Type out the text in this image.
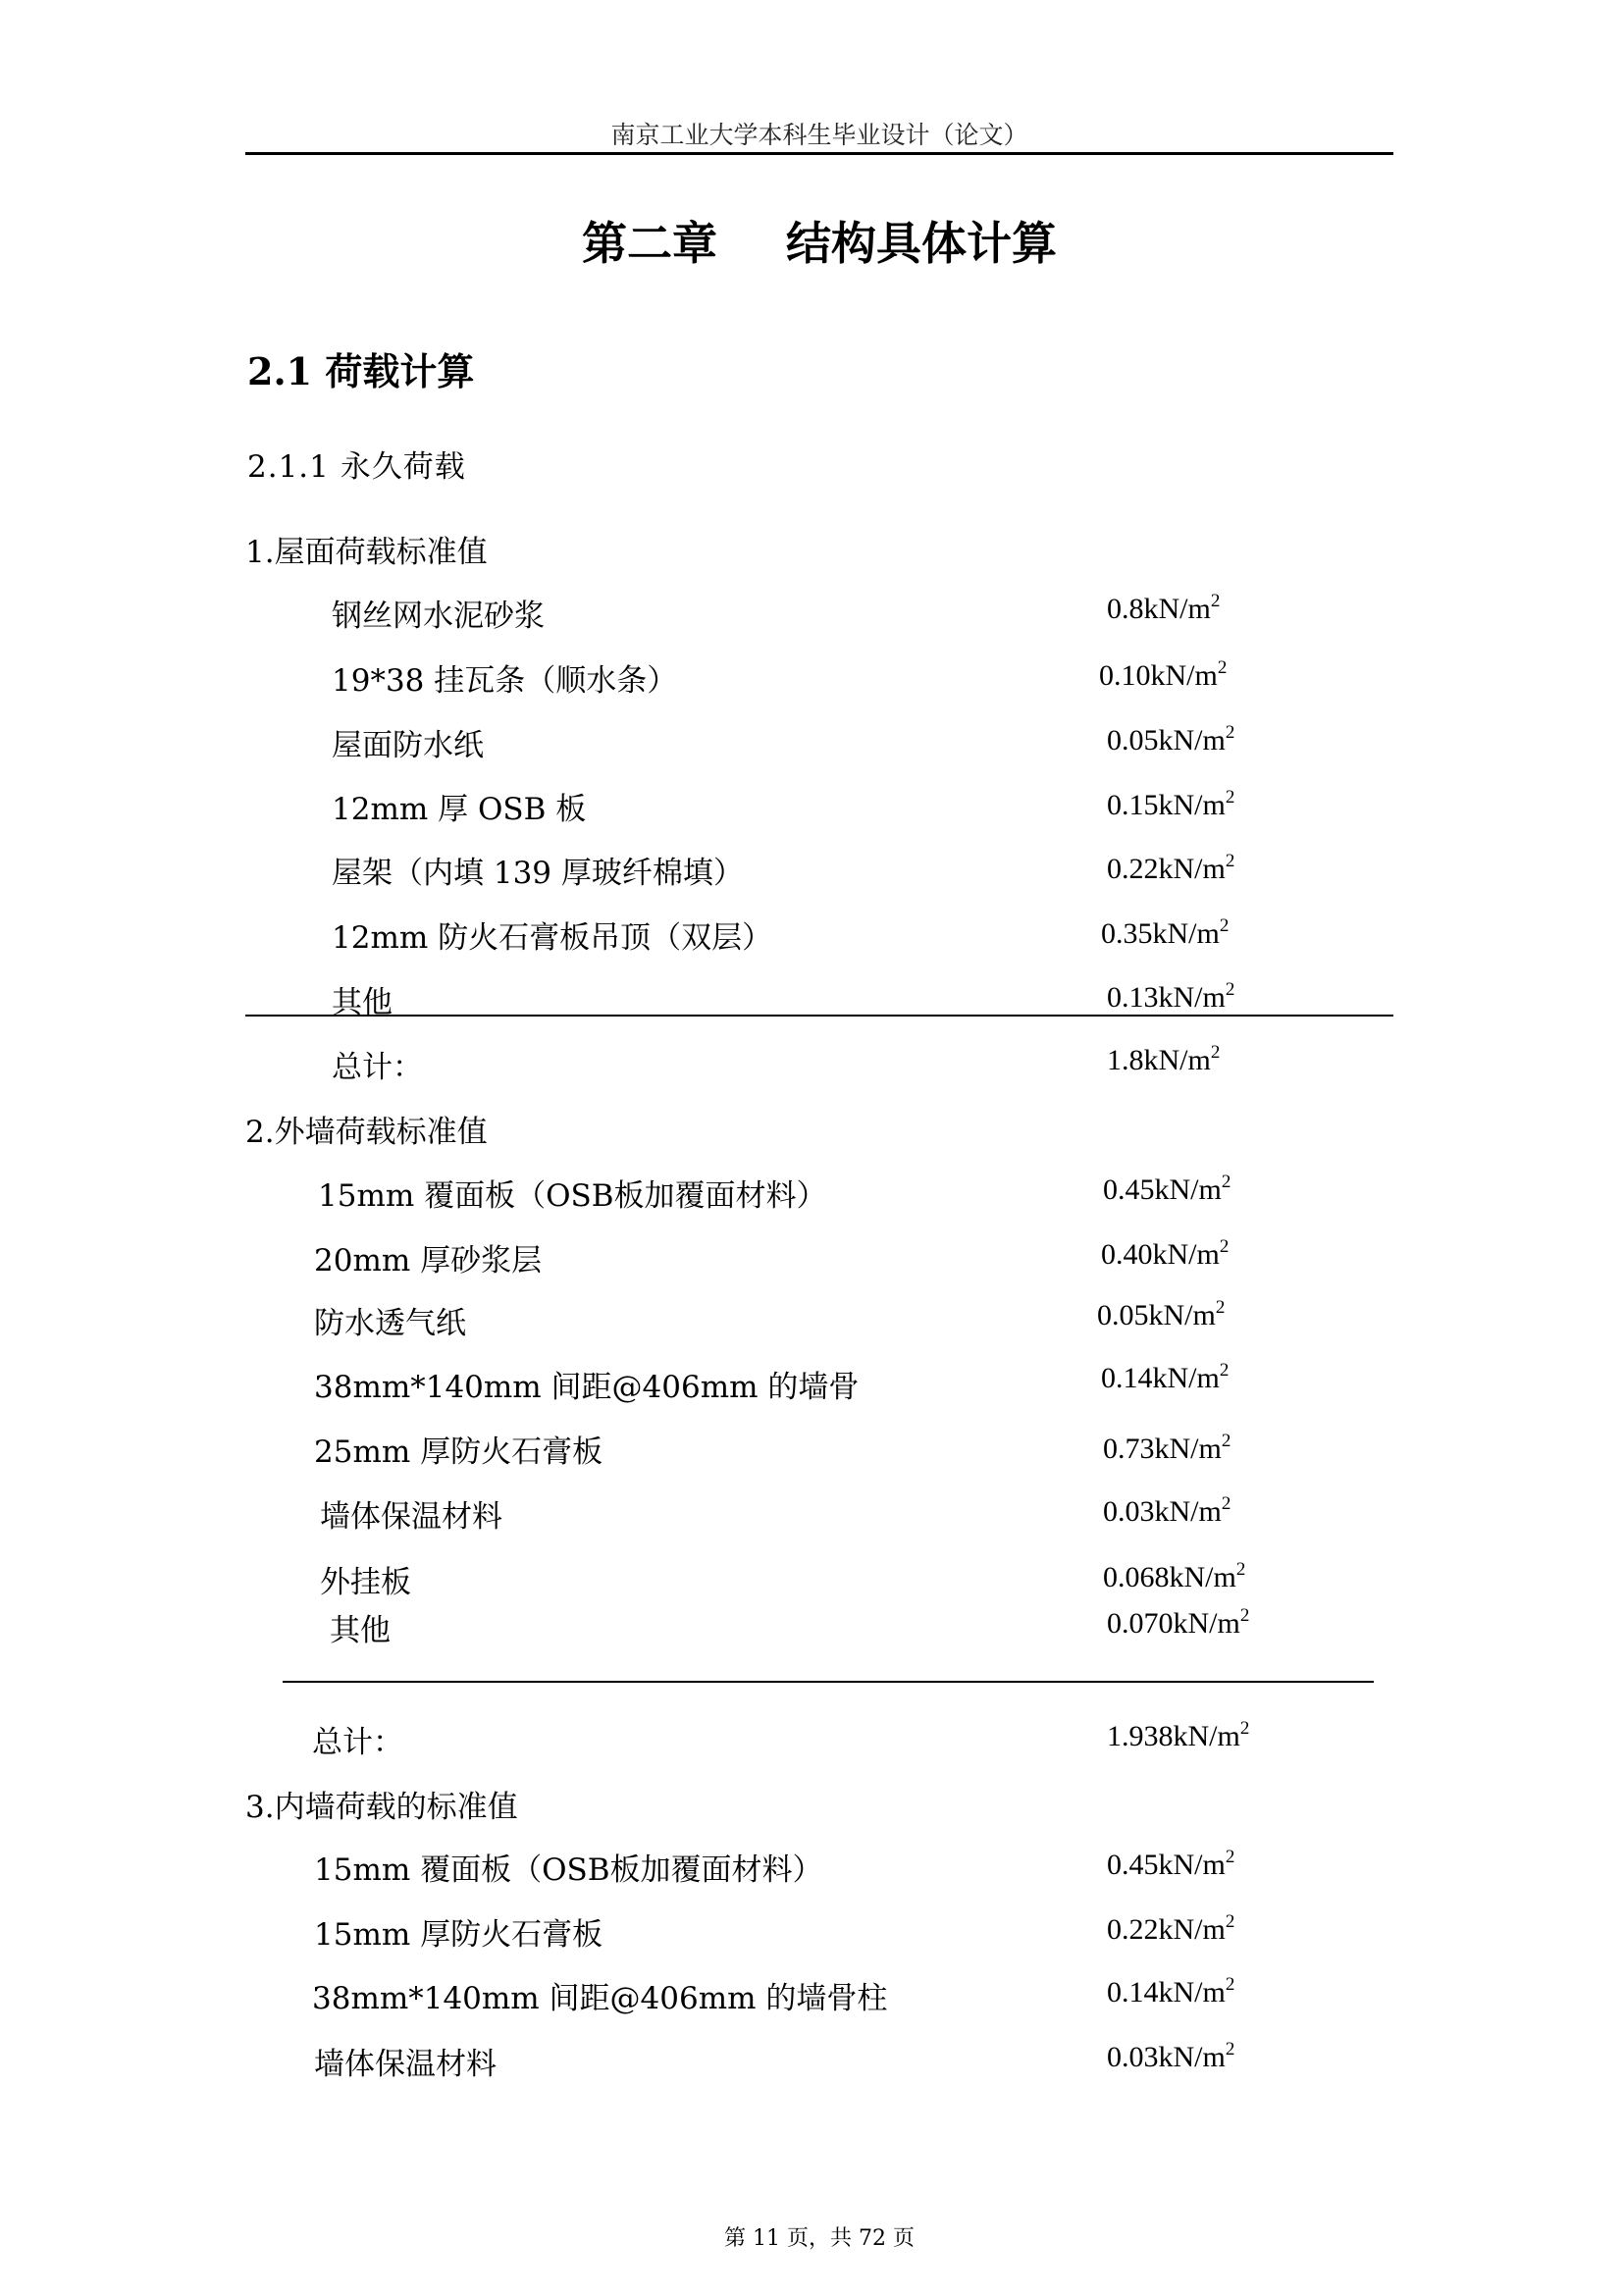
南京工业大学本科生毕业设计（论文）
第二章 结构具体计算
2.1 荷载计算
2.1.1 永久荷载
1.屋面荷载标准值
钢丝网水泥砂浆	$0.8kN/m^2$
19*38 挂瓦条（顺水条）	$0.10kN/m^2$
屋面防水纸	$0.05kN/m^2$
12mm 厚 OSB 板	$0.15kN/m^2$
屋架（内填 139 厚玻纤棉填）	$0.22kN/m^2$
12mm 防火石膏板吊顶（双层）	$0.35kN/m^2$
其他	$0.13kN/m^2$
总计：	$1.8kN/m^2$
2.外墙荷载标准值
15mm 覆面板（OSB板加覆面材料）	$0.45kN/m^2$
20mm 厚砂浆层	$0.40kN/m^2$
防水透气纸	$0.05kN/m^2$
38mm*140mm 间距@406mm 的墙骨	$0.14kN/m^2$
25mm 厚防火石膏板	$0.73kN/m^2$
墙体保温材料	$0.03kN/m^2$
外挂板	$0.068kN/m^2$
其他	$0.070kN/m^2$
总计：	$1.938kN/m^2$
3.内墙荷载的标准值
15mm 覆面板（OSB板加覆面材料）	$0.45kN/m^2$
15mm 厚防火石膏板	$0.22kN/m^2$
38mm*140mm 间距@406mm 的墙骨柱	$0.14kN/m^2$
墙体保温材料	$0.03kN/m^2$
第 11 页，共 72 页
